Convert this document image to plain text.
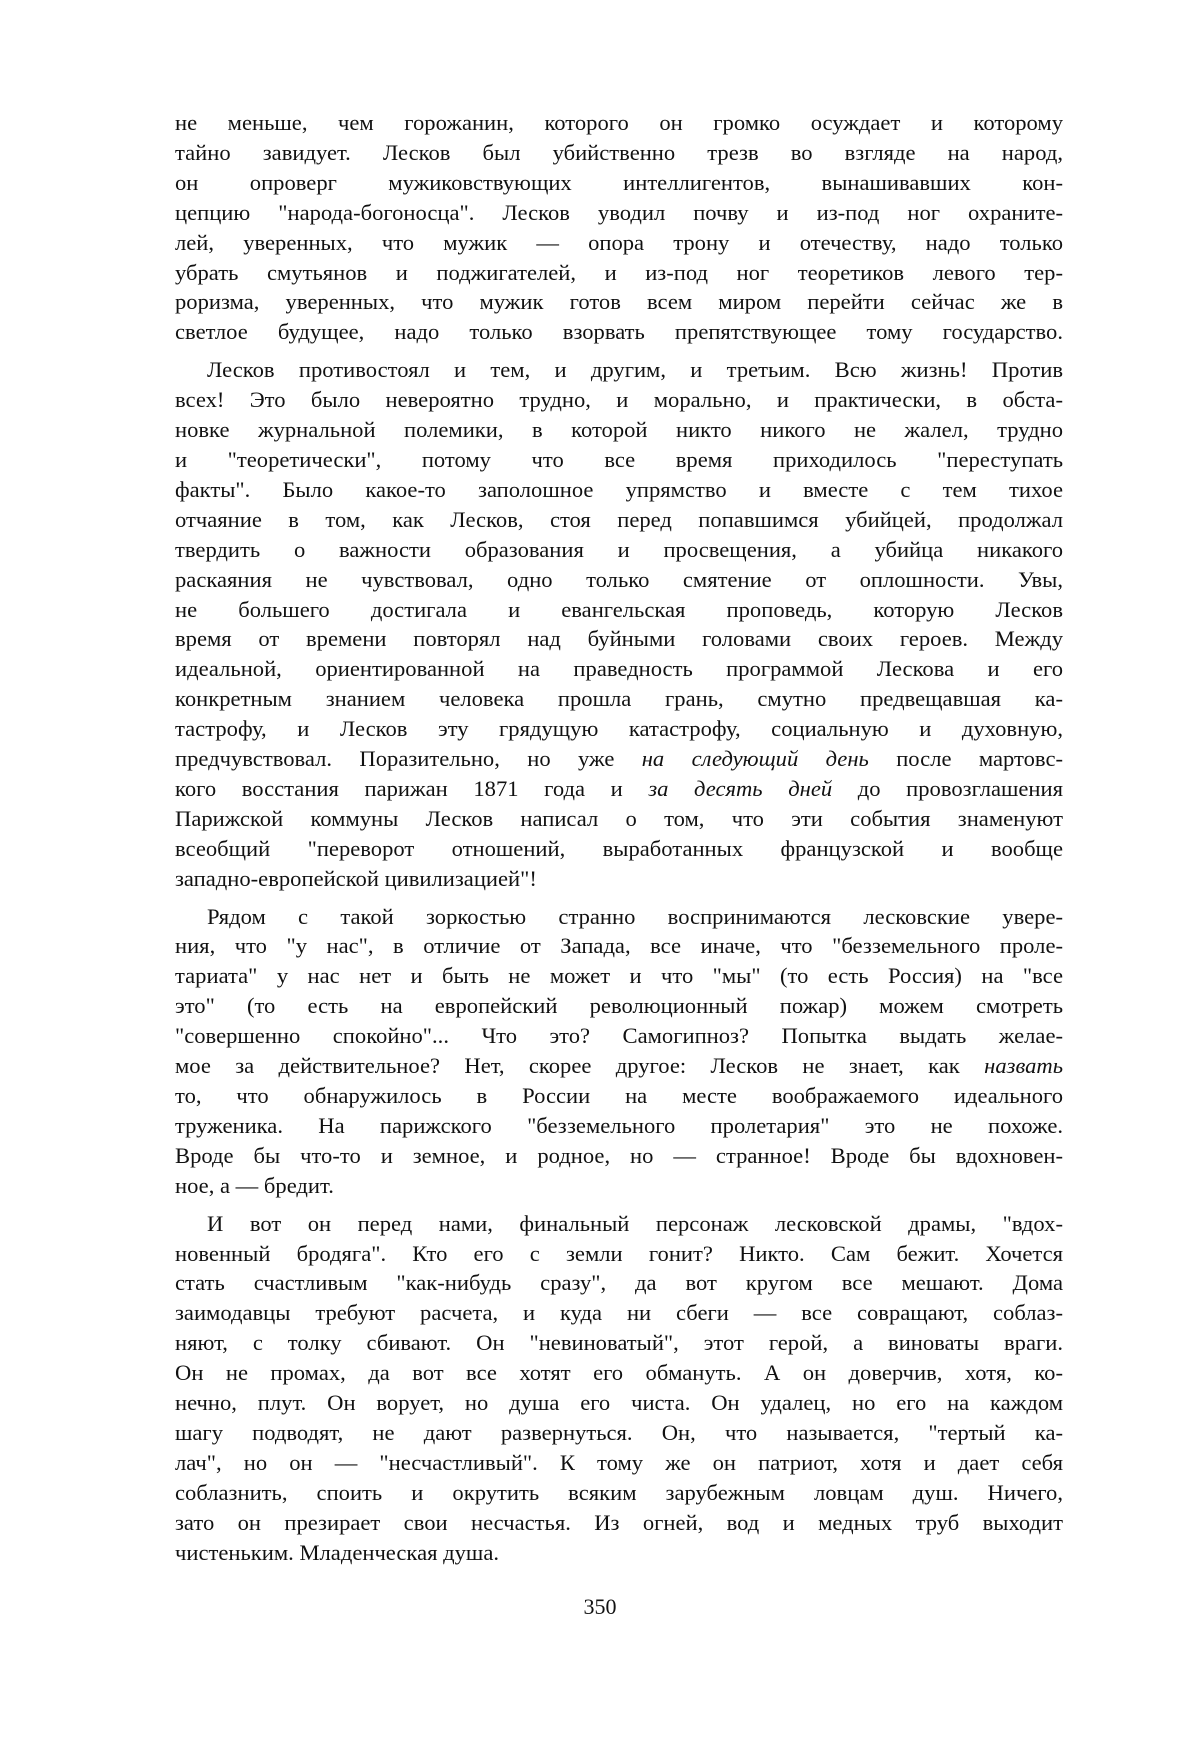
не меньше, чем горожанин, которого он громко осуждает и которому
тайно завидует. Лесков был убийственно трезв во взгляде на народ,
он опроверг мужиковствующих интеллигентов, вынашивавших кон-
цепцию "народа-богоносца". Лесков уводил почву и из-под ног охраните-
лей, уверенных, что мужик — опора трону и отечеству, надо только
убрать смутьянов и поджигателей, и из-под ног теоретиков левого тер-
роризма, уверенных, что мужик готов всем миром перейти сейчас же в
светлое будущее, надо только взорвать препятствующее тому государство.

Лесков противостоял и тем, и другим, и третьим. Всю жизнь! Против
всех! Это было невероятно трудно, и морально, и практически, в обста-
новке журнальной полемики, в которой никто никого не жалел, трудно
и "теоретически", потому что все время приходилось "переступать
факты". Было какое-то заполошное упрямство и вместе с тем тихое
отчаяние в том, как Лесков, стоя перед попавшимся убийцей, продолжал
твердить о важности образования и просвещения, а убийца никакого
раскаяния не чувствовал, одно только смятение от оплошности. Увы,
не большего достигала и евангельская проповедь, которую Лесков
время от времени повторял над буйными головами своих героев. Между
идеальной, ориентированной на праведность программой Лескова и его
конкретным знанием человека прошла грань, смутно предвещавшая ка-
тастрофу, и Лесков эту грядущую катастрофу, социальную и духовную,
предчувствовал. Поразительно, но уже на следующий день после мартовс-
кого восстания парижан 1871 года и за десять дней до провозглашения
Парижской коммуны Лесков написал о том, что эти события знаменуют
всеобщий "переворот отношений, выработанных французской и вообще
западно-европейской цивилизацией"!

Рядом с такой зоркостью странно воспринимаются лесковские увере-
ния, что "у нас", в отличие от Запада, все иначе, что "безземельного проле-
тариата" у нас нет и быть не может и что "мы" (то есть Россия) на "все
это" (то есть на европейский революционный пожар) можем смотреть
"совершенно спокойно"... Что это? Самогипноз? Попытка выдать желае-
мое за действительное? Нет, скорее другое: Лесков не знает, как назвать
то, что обнаружилось в России на месте воображаемого идеального
труженика. На парижского "безземельного пролетария" это не похоже.
Вроде бы что-то и земное, и родное, но — странное! Вроде бы вдохновен-
ное, а — бредит.

И вот он перед нами, финальный персонаж лесковской драмы, "вдох-
новенный бродяга". Кто его с земли гонит? Никто. Сам бежит. Хочется
стать счастливым "как-нибудь сразу", да вот кругом все мешают. Дома
заимодавцы требуют расчета, и куда ни сбеги — все совращают, соблаз-
няют, с толку сбивают. Он "невиноватый", этот герой, а виноваты враги.
Он не промах, да вот все хотят его обмануть. А он доверчив, хотя, ко-
нечно, плут. Он ворует, но душа его чиста. Он удалец, но его на каждом
шагу подводят, не дают развернуться. Он, что называется, "тертый ка-
лач", но он — "несчастливый". К тому же он патриот, хотя и дает себя
соблазнить, споить и окрутить всяким зарубежным ловцам душ. Ничего,
зато он презирает свои несчастья. Из огней, вод и медных труб выходит
чистеньким. Младенческая душа.

350
